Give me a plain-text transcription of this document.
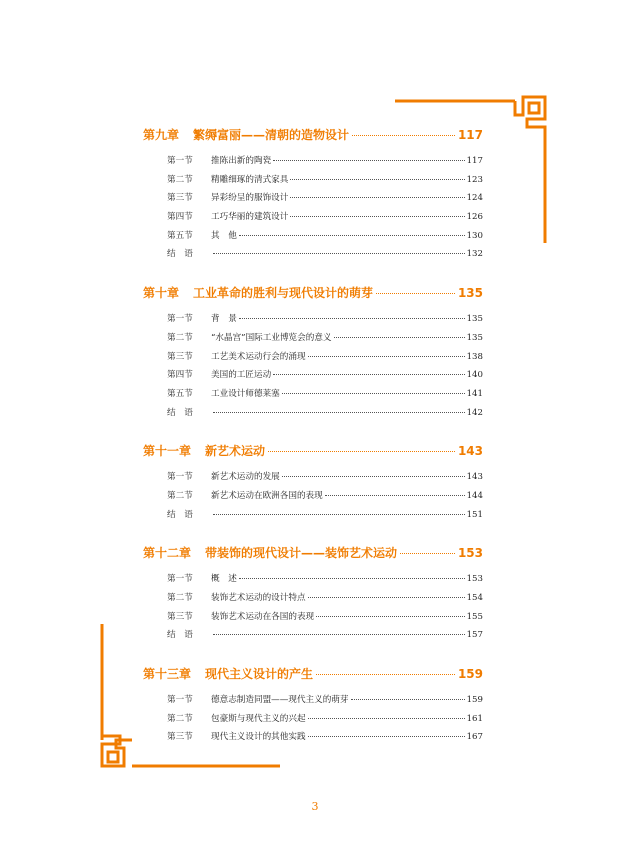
第九章 繁缛富丽——清朝的造物设计	117
第一节	推陈出新的陶瓷	117
第二节	精雕细琢的清式家具	123
第三节	异彩纷呈的服饰设计	124
第四节	工巧华丽的建筑设计	126
第五节	其　他	130
结　语	132
第十章 工业革命的胜利与现代设计的萌芽	135
第一节	背　景	135
第二节	“水晶宫”国际工业博览会的意义	135
第三节	工艺美术运动行会的涌现	138
第四节	美国的工匠运动	140
第五节	工业设计师德莱塞	141
结　语	142
第十一章 新艺术运动	143
第一节	新艺术运动的发展	143
第二节	新艺术运动在欧洲各国的表现	144
结　语	151
第十二章 带装饰的现代设计——装饰艺术运动	153
第一节	概　述	153
第二节	装饰艺术运动的设计特点	154
第三节	装饰艺术运动在各国的表现	155
结　语	157
第十三章 现代主义设计的产生	159
第一节	德意志制造同盟——现代主义的萌芽	159
第二节	包豪斯与现代主义的兴起	161
第三节	现代主义设计的其他实践	167
3
